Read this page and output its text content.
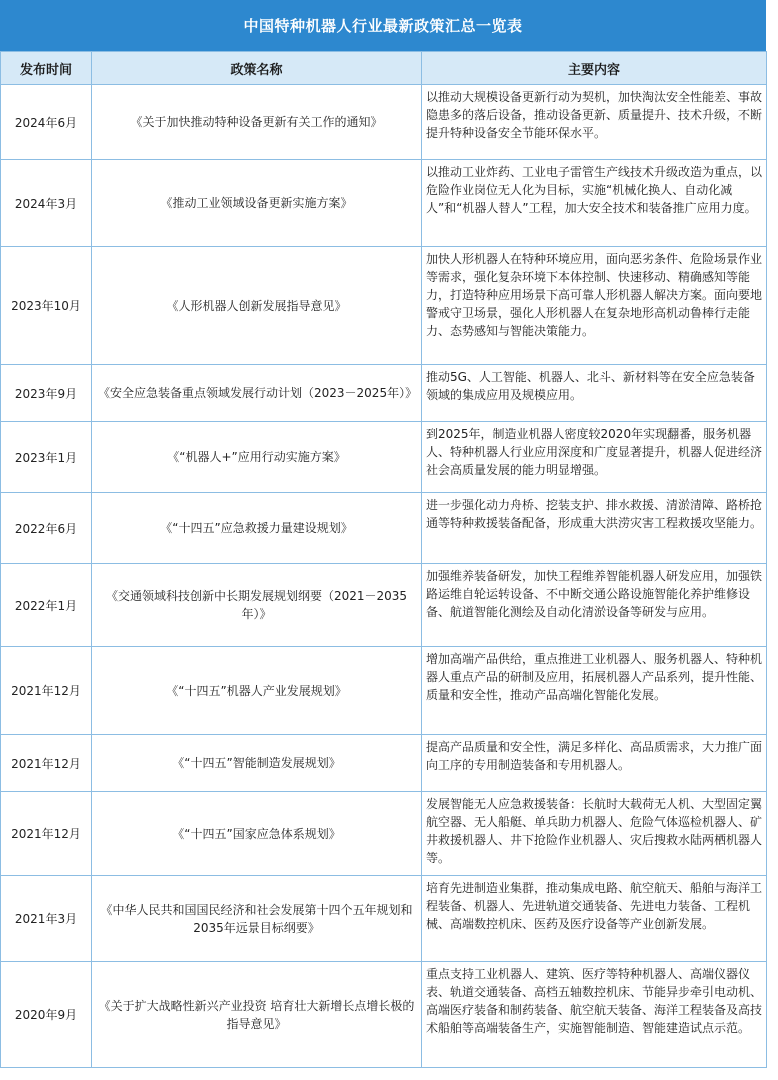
中国特种机器人行业最新政策汇总一览表
发布时间	政策名称	主要内容
2024年6月	《关于加快推动特种设备更新有关工作的通知》	以推动大规模设备更新行动为契机，加快淘汰安全性能差、事故隐患多的落后设备，推动设备更新、质量提升、技术升级，不断提升特种设备安全节能环保水平。
2024年3月	《推动工业领域设备更新实施方案》	以推动工业炸药、工业电子雷管生产线技术升级改造为重点，以危险作业岗位无人化为目标，实施“机械化换人、自动化减人”和“机器人替人”工程，加大安全技术和装备推广应用力度。
2023年10月	《人形机器人创新发展指导意见》	加快人形机器人在特种环境应用，面向恶劣条件、危险场景作业等需求，强化复杂环境下本体控制、快速移动、精确感知等能力，打造特种应用场景下高可靠人形机器人解决方案。面向要地警戒守卫场景，强化人形机器人在复杂地形高机动鲁棒行走能力、态势感知与智能决策能力。
2023年9月	《安全应急装备重点领域发展行动计划（2023－2025年）》	推动5G、人工智能、机器人、北斗、新材料等在安全应急装备领域的集成应用及规模应用。
2023年1月	《“机器人+”应用行动实施方案》	到2025年，制造业机器人密度较2020年实现翻番，服务机器人、特种机器人行业应用深度和广度显著提升，机器人促进经济社会高质量发展的能力明显增强。
2022年6月	《“十四五”应急救援力量建设规划》	进一步强化动力舟桥、挖装支护、排水救援、清淤清障、路桥抢通等特种救援装备配备，形成重大洪涝灾害工程救援攻坚能力。
2022年1月	《交通领域科技创新中长期发展规划纲要（2021－2035年）》	加强维养装备研发，加快工程维养智能机器人研发应用，加强铁路运维自轮运转设备、不中断交通公路设施智能化养护维修设备、航道智能化测绘及自动化清淤设备等研发与应用。
2021年12月	《“十四五”机器人产业发展规划》	增加高端产品供给，重点推进工业机器人、服务机器人、特种机器人重点产品的研制及应用，拓展机器人产品系列，提升性能、质量和安全性，推动产品高端化智能化发展。
2021年12月	《“十四五”智能制造发展规划》	提高产品质量和安全性，满足多样化、高品质需求，大力推广面向工序的专用制造装备和专用机器人。
2021年12月	《“十四五”国家应急体系规划》	发展智能无人应急救援装备：长航时大载荷无人机、大型固定翼航空器、无人船艇、单兵助力机器人、危险气体巡检机器人、矿井救援机器人、井下抢险作业机器人、灾后搜救水陆两栖机器人等。
2021年3月	《中华人民共和国国民经济和社会发展第十四个五年规划和2035年远景目标纲要》	培育先进制造业集群，推动集成电路、航空航天、船舶与海洋工程装备、机器人、先进轨道交通装备、先进电力装备、工程机械、高端数控机床、医药及医疗设备等产业创新发展。
2020年9月	《关于扩大战略性新兴产业投资 培育壮大新增长点增长极的指导意见》	重点支持工业机器人、建筑、医疗等特种机器人、高端仪器仪表、轨道交通装备、高档五轴数控机床、节能异步牵引电动机、高端医疗装备和制药装备、航空航天装备、海洋工程装备及高技术船舶等高端装备生产，实施智能制造、智能建造试点示范。
